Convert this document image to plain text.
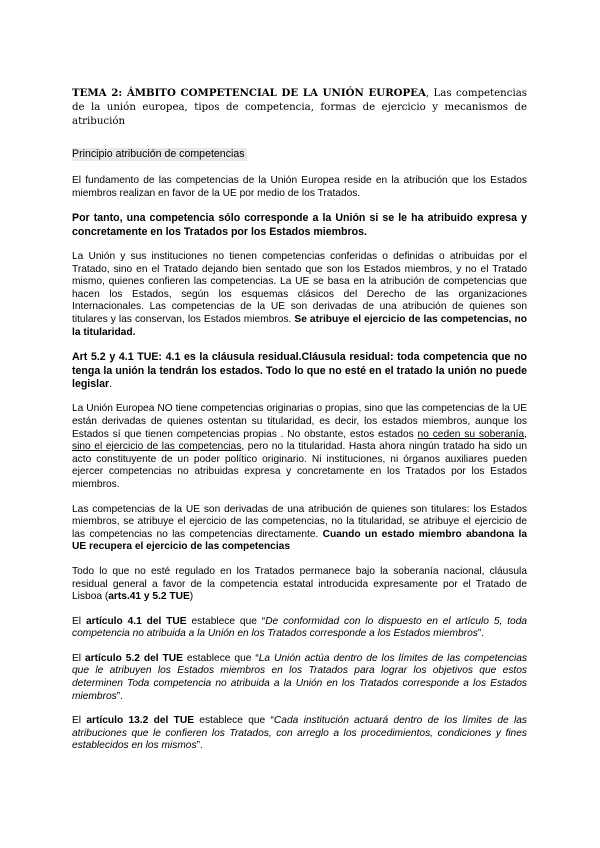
TEMA 2: ÁMBITO COMPETENCIAL DE LA UNIÓN EUROPEA, Las competencias de la unión europea, tipos de competencia, formas de ejercicio y mecanismos de atribución

Principio atribución de competencias

El fundamento de las competencias de la Unión Europea reside en la atribución que los Estados miembros realizan en favor de la UE por medio de los Tratados.

Por tanto, una competencia sólo corresponde a la Unión si se le ha atribuido expresa y concretamente en los Tratados por los Estados miembros.

La Unión y sus instituciones no tienen competencias conferidas o definidas o atribuidas por el Tratado, sino en el Tratado dejando bien sentado que son los Estados miembros, y no el Tratado mismo, quienes confieren las competencias. La UE se basa en la atribución de competencias que hacen los Estados, según los esquemas clásicos del Derecho de las organizaciones Internacionales. Las competencias de la UE son derivadas de una atribución de quienes son titulares y las conservan, los Estados miembros. Se atribuye el ejercicio de las competencias, no la titularidad.

Art 5.2 y 4.1 TUE: 4.1 es la cláusula residual.Cláusula residual: toda competencia que no tenga la unión la tendrán los estados. Todo lo que no esté en el tratado la unión no puede legislar.

La Unión Europea NO tiene competencias originarias o propias, sino que las competencias de la UE están derivadas de quienes ostentan su titularidad, es decir, los estados miembros, aunque los Estados sí que tienen competencias propias . No obstante, estos estados no ceden su soberanía, sino el ejercicio de las competencias, pero no la titularidad. Hasta ahora ningún tratado ha sido un acto constituyente de un poder político originario. Ni instituciones, ni órganos auxiliares pueden ejercer competencias no atribuidas expresa y concretamente en los Tratados por los Estados miembros.

Las competencias de la UE son derivadas de una atribución de quienes son titulares: los Estados miembros, se atribuye el ejercicio de las competencias, no la titularidad, se atribuye el ejercicio de las competencias no las competencias directamente. Cuando un estado miembro abandona la UE recupera el ejercicio de las competencias

Todo lo que no esté regulado en los Tratados permanece bajo la soberanía nacional, cláusula residual general a favor de la competencia estatal introducida expresamente por el Tratado de Lisboa (arts.41 y 5.2 TUE)

El artículo 4.1 del TUE establece que “De conformidad con lo dispuesto en el artículo 5, toda competencia no atribuida a la Unión en los Tratados corresponde a los Estados miembros”.

El artículo 5.2 del TUE establece que “La Unión actúa dentro de los límites de las competencias que le atribuyen los Estados miembros en los Tratados para lograr los objetivos que estos determinen Toda competencia no atribuida a la Unión en los Tratados corresponde a los Estados miembros”.

El artículo 13.2 del TUE establece que “Cada institución actuará dentro de los límites de las atribuciones que le confieren los Tratados, con arreglo a los procedimientos, condiciones y fines establecidos en los mismos”.
